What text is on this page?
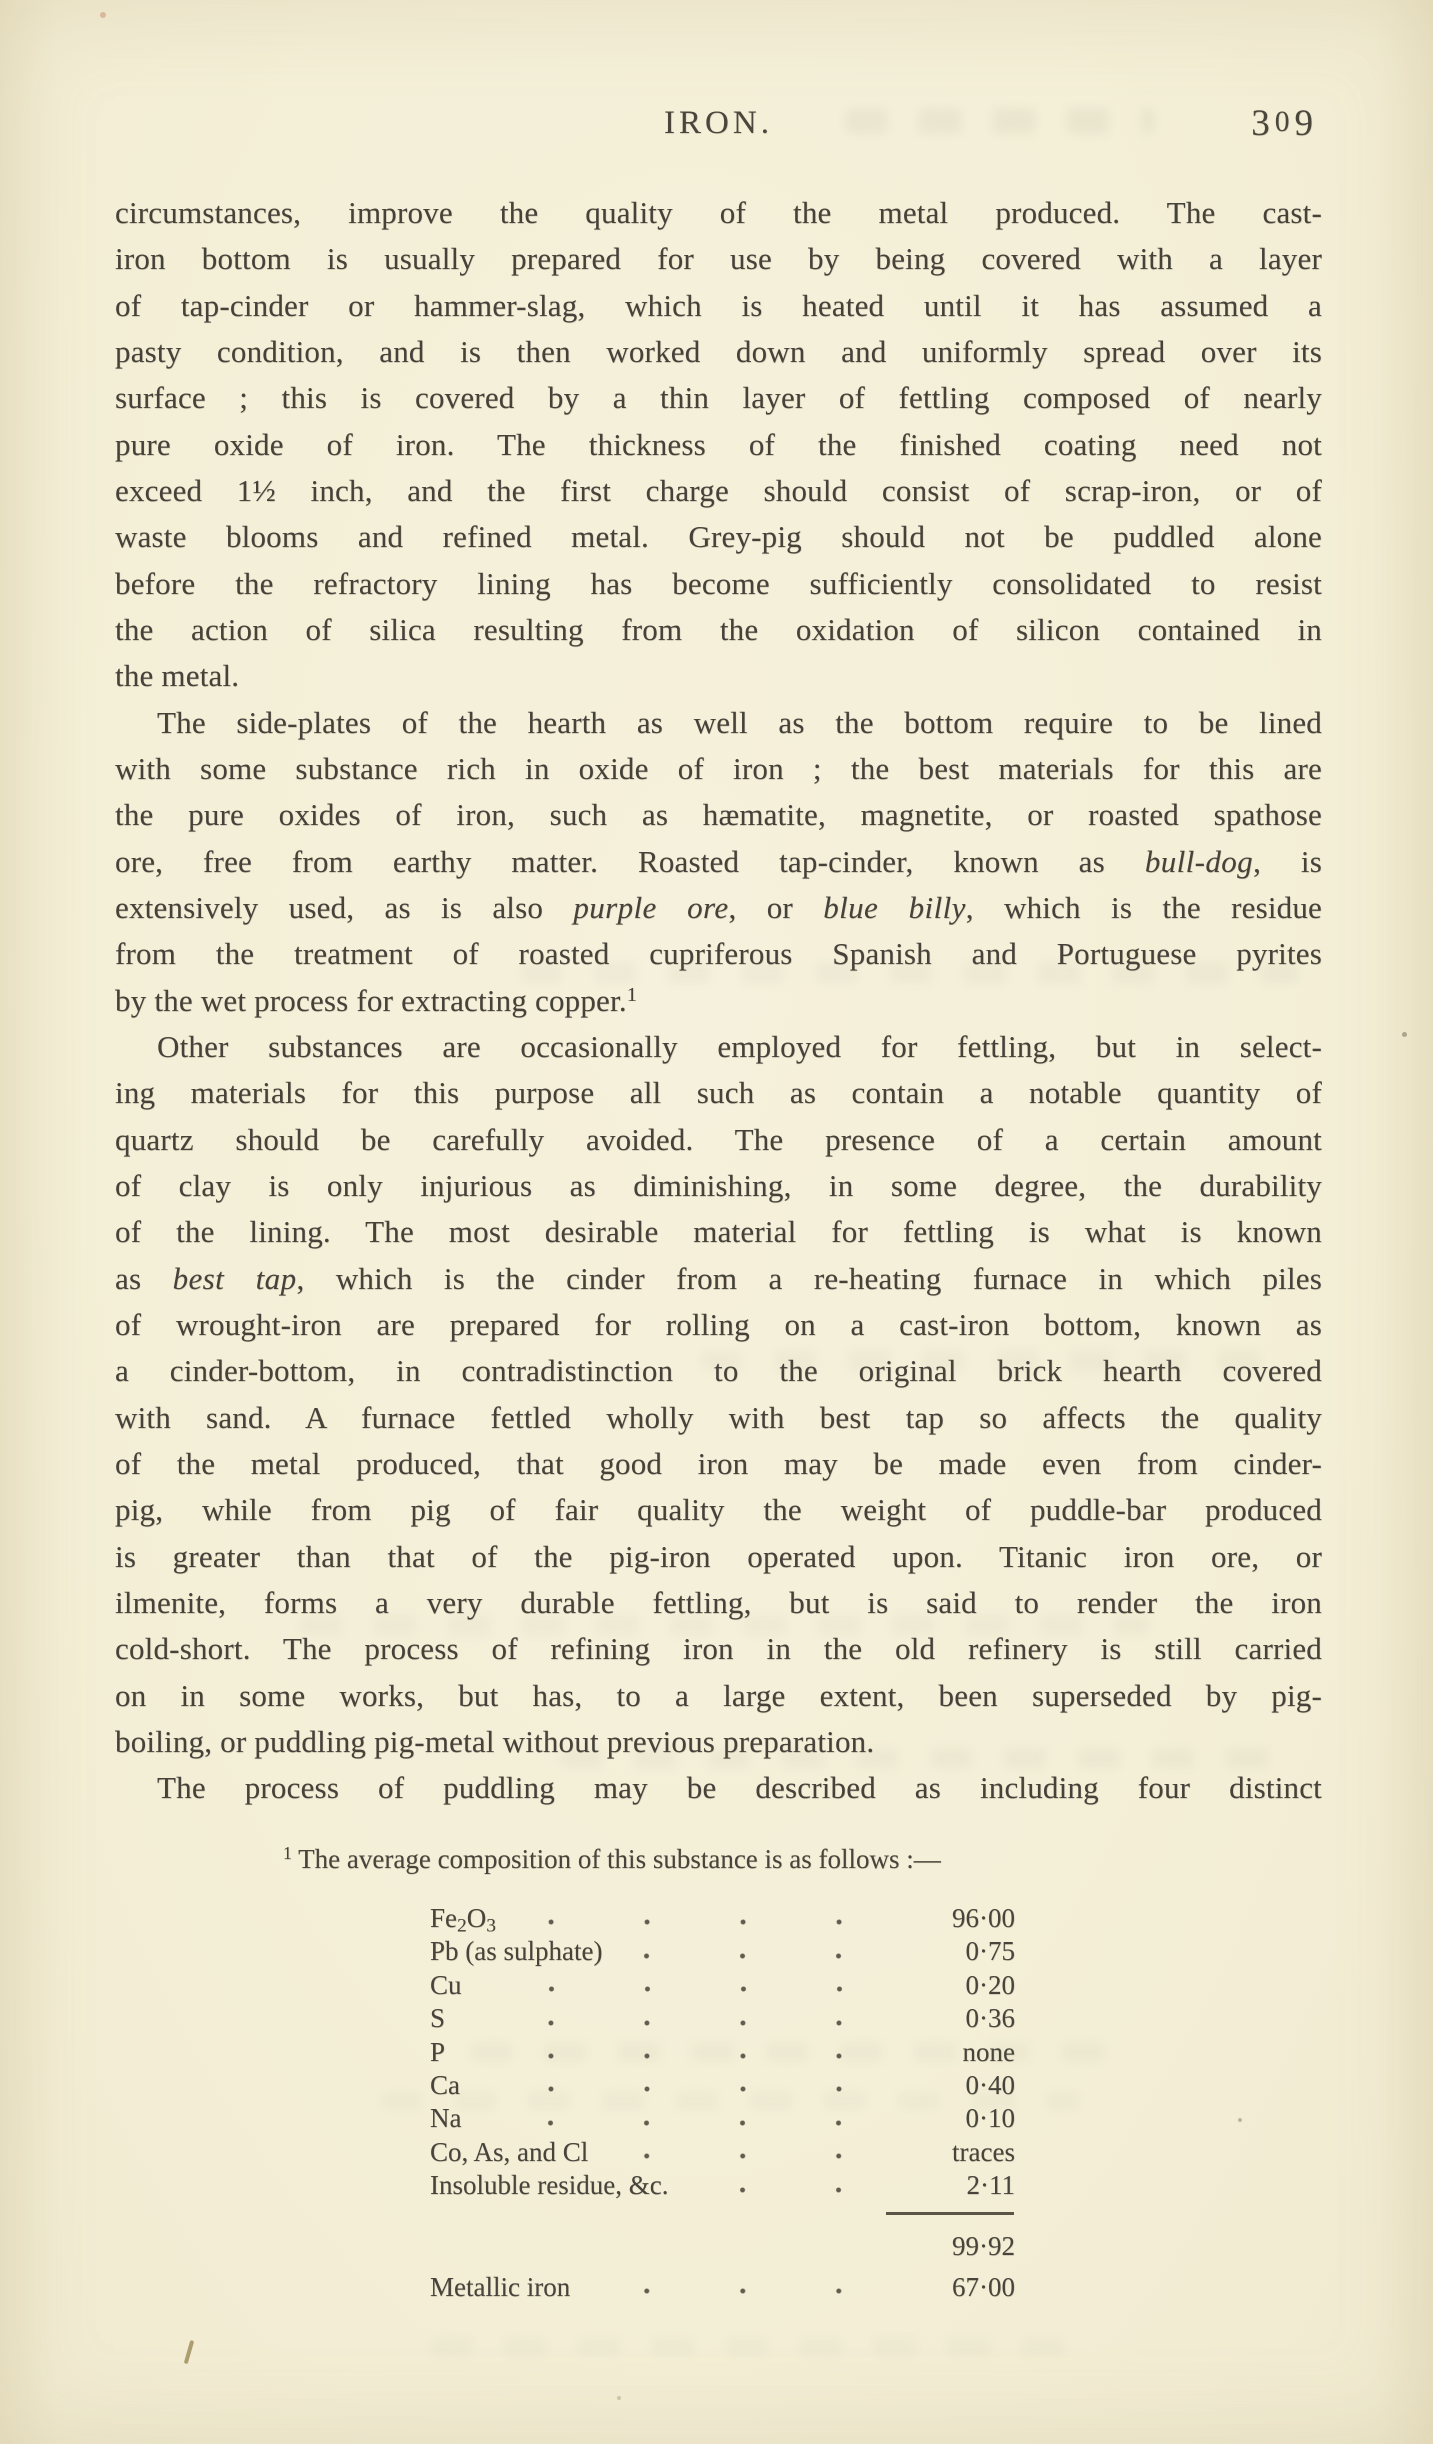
IRON.	309
circumstances, improve the quality of the metal produced. The cast-
iron bottom is usually prepared for use by being covered with a layer
of tap-cinder or hammer-slag, which is heated until it has assumed a
pasty condition, and is then worked down and uniformly spread over its
surface ; this is covered by a thin layer of fettling composed of nearly
pure oxide of iron. The thickness of the finished coating need not
exceed 1½ inch, and the first charge should consist of scrap-iron, or of
waste blooms and refined metal. Grey-pig should not be puddled alone
before the refractory lining has become sufficiently consolidated to resist
the action of silica resulting from the oxidation of silicon contained in
the metal.
The side-plates of the hearth as well as the bottom require to be lined
with some substance rich in oxide of iron ; the best materials for this are
the pure oxides of iron, such as hæmatite, magnetite, or roasted spathose
ore, free from earthy matter. Roasted tap-cinder, known as bull-dog, is
extensively used, as is also purple ore, or blue billy, which is the residue
from the treatment of roasted cupriferous Spanish and Portuguese pyrites
by the wet process for extracting copper.$^1$
Other substances are occasionally employed for fettling, but in select-
ing materials for this purpose all such as contain a notable quantity of
quartz should be carefully avoided. The presence of a certain amount
of clay is only injurious as diminishing, in some degree, the durability
of the lining. The most desirable material for fettling is what is known
as best tap, which is the cinder from a re-heating furnace in which piles
of wrought-iron are prepared for rolling on a cast-iron bottom, known as
a cinder-bottom, in contradistinction to the original brick hearth covered
with sand. A furnace fettled wholly with best tap so affects the quality
of the metal produced, that good iron may be made even from cinder-
pig, while from pig of fair quality the weight of puddle-bar produced
is greater than that of the pig-iron operated upon. Titanic iron ore, or
ilmenite, forms a very durable fettling, but is said to render the iron
cold-short. The process of refining iron in the old refinery is still carried
on in some works, but has, to a large extent, been superseded by pig-
boiling, or puddling pig-metal without previous preparation.
The process of puddling may be described as including four distinct
$^1$ The average composition of this substance is as follows :—
$Fe_2O_3$	96·00
Pb (as sulphate)	0·75
Cu	0·20
S	0·36
P	none
Ca	0·40
Na	0·10
Co, As, and Cl	traces
Insoluble residue, &c.	2·11
99·92
Metallic iron	67·00
